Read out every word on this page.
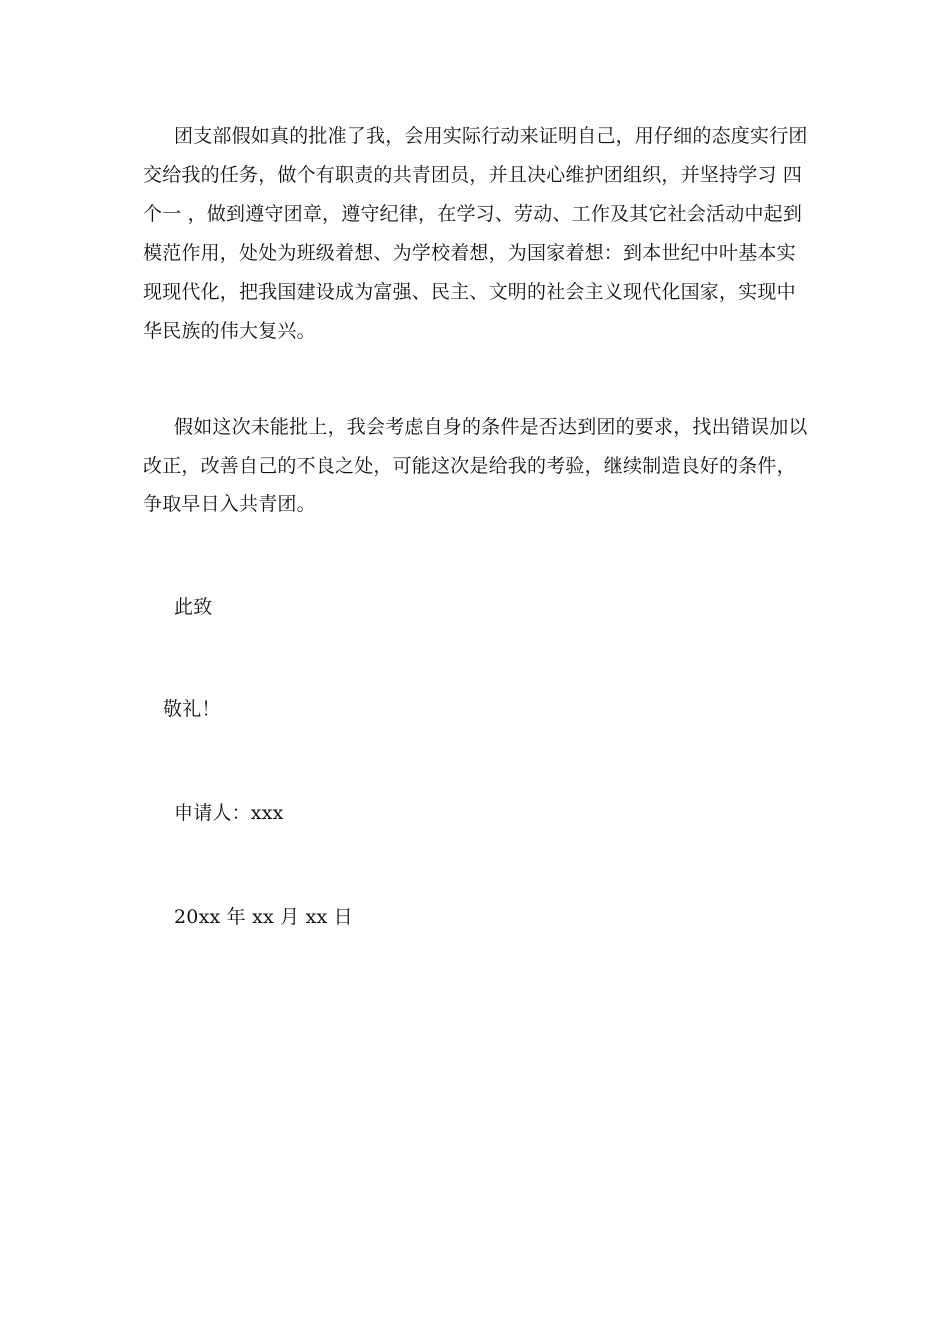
团支部假如真的批准了我，会用实际行动来证明自己，用仔细的态度实行团
交给我的任务，做个有职责的共青团员，并且决心维护团组织，并坚持学习 四
个一 ，做到遵守团章，遵守纪律，在学习、劳动、工作及其它社会活动中起到
模范作用，处处为班级着想、为学校着想，为国家着想：到本世纪中叶基本实
现现代化，把我国建设成为富强、民主、文明的社会主义现代化国家，实现中
华民族的伟大复兴。
假如这次未能批上，我会考虑自身的条件是否达到团的要求，找出错误加以
改正，改善自己的不良之处，可能这次是给我的考验，继续制造良好的条件，
争取早日入共青团。
此致
敬礼！
申请人：xxx
20xx 年 xx 月 xx 日
